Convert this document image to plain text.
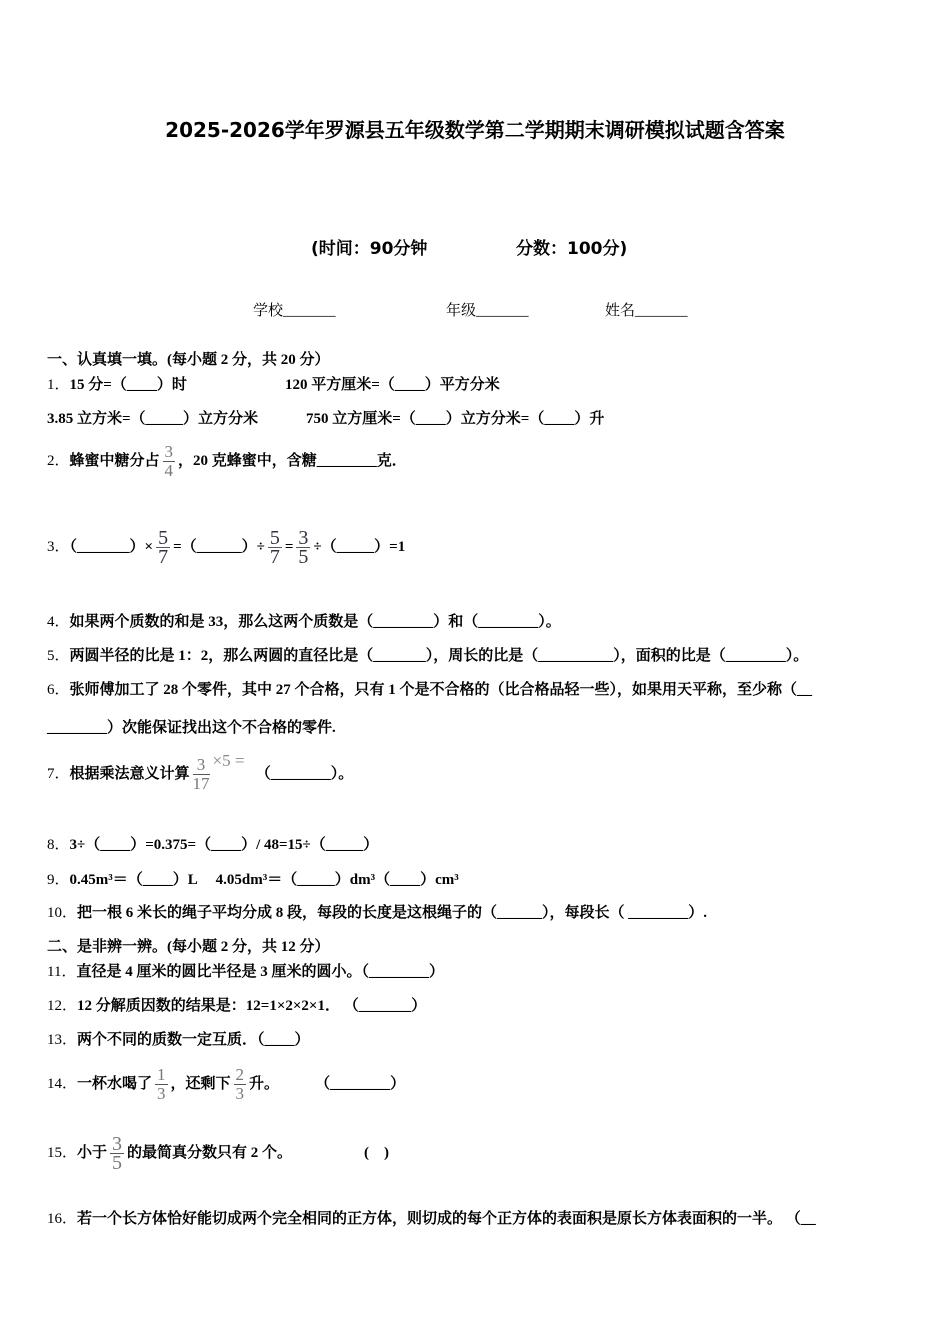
2025-2026学年罗源县五年级数学第二学期期末调研模拟试题含答案
(时间：90分钟	分数：100分)
学校_______	年级_______	姓名_______
一、认真填一填。(每小题 2 分，共 20 分）
1．15 分=（____）时	120 平方厘米=（____）平方分米
3.85 立方米=（_____）立方分米	750 立方厘米=（____）立方分米=（____）升
2．蜂蜜中糖分占 $\frac{3}{4}$ ，20 克蜂蜜中，含糖________克．
3．（_______）× $\frac{5}{7}$ =（______）÷ $\frac{5}{7} = \frac{3}{5}$ ÷（_____）=1
4．如果两个质数的和是 33，那么这两个质数是（________）和（________）。
5．两圆半径的比是 1：2，那么两圆的直径比是（_______），周长的比是（__________），面积的比是（________）。
6．张师傅加工了 28 个零件，其中 27 个合格，只有 1 个是不合格的（比合格品轻一些），如果用天平称，至少称（__
________）次能保证找出这个不合格的零件.
7．根据乘法意义计算 $\frac{3}{17} \times 5$ =   （________）。
8．3÷（____）=0.375=（____）/ 48=15÷（_____）
9．0.45m³＝（____）L　 4.05dm³＝（_____）dm³（____）cm³
10．把一根 6 米长的绳子平均分成 8 段，每段的长度是这根绳子的（______），每段长（ ________）.
二、是非辨一辨。(每小题 2 分，共 12 分）
11．直径是 4 厘米的圆比半径是 3 厘米的圆小。（________）
12．12 分解质因数的结果是：12=1×2×2×1． （_______）
13．两个不同的质数一定互质．（____）
14．一杯水喝了 $\frac{1}{3}$ ，还剩下 $\frac{2}{3}$ 升。 （________）
15．小于 $\frac{3}{5}$ 的最简真分数只有 2 个。	(    )
16．若一个长方体恰好能切成两个完全相同的正方体，则切成的每个正方体的表面积是原长方体表面积的一半。 （__
